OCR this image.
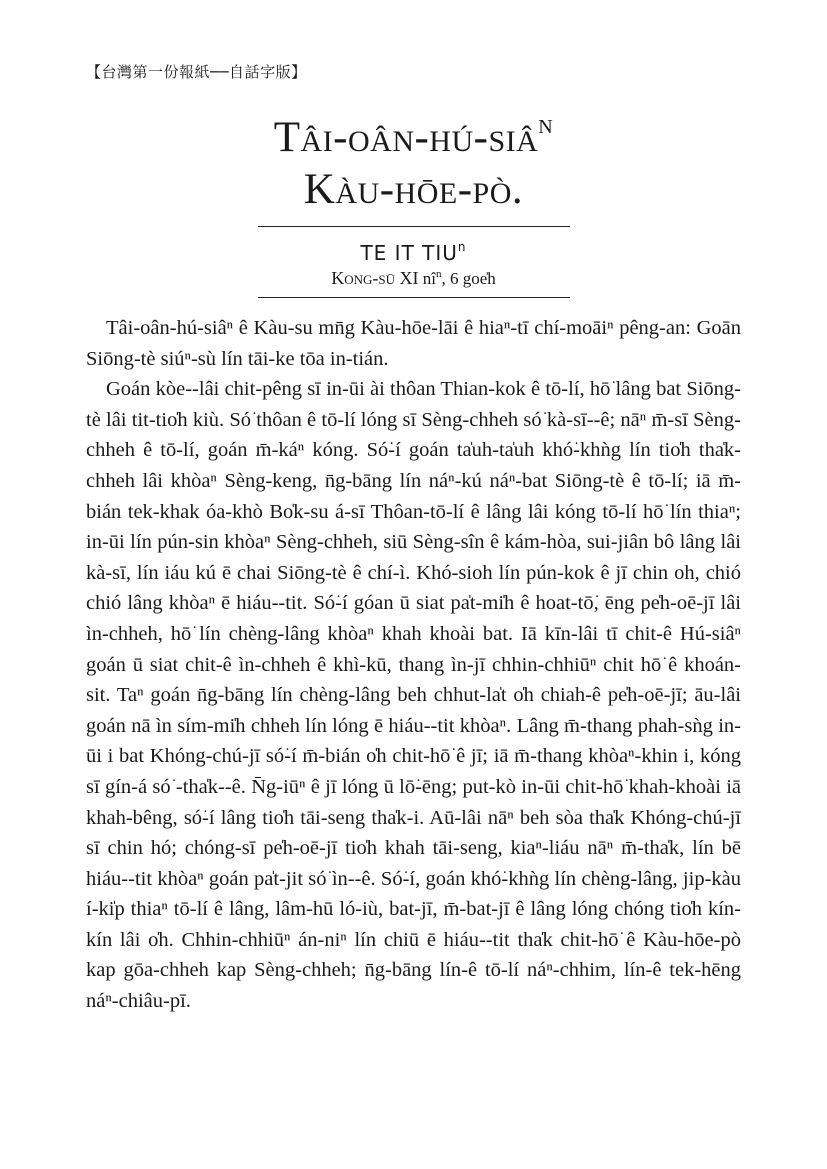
【台灣第一份報紙──自話字版】
Tâi-oân-hú-siâ$^N$
Kàu-hōe-pò.
TE IT TIU$^n$
Kong-sū XI $nî^n$, 6 goe̍h

Tâi-oân-hú-siâⁿ ê Kàu-su mn̄g Kàu-hōe-lāi ê hiaⁿ-tī chí-moāiⁿ pêng-an: Goān Siōng-tè siúⁿ-sù lín tāi-ke tōa in-tián.

Goán kòe--lâi chit-pêng sī in-ūi ài thôan Thian-kok ê tō-lí, hō͘ lâng bat Siōng-tè lâi tit-tio̍h kiù. Só͘ thôan ê tō-lí lóng sī Sèng-chheh só͘ kà-sī--ê; nāⁿ m̄-sī Sèng-chheh ê tō-lí, goán m̄-káⁿ kóng. Só͘-í goán ta̍uh-ta̍uh khó͘-khǹg lín tio̍h tha̍k-chheh lâi khòaⁿ Sèng-keng, n̄g-bāng lín náⁿ-kú náⁿ-bat Siōng-tè ê tō-lí; iā m̄-bián tek-khak óa-khò Bo̍k-su á-sī Thôan-tō-lí ê lâng lâi kóng tō-lí hō͘ lín thiaⁿ; in-ūi lín pún-sin khòaⁿ Sèng-chheh, siū Sèng-sîn ê kám-hòa, sui-jiân bô lâng lâi kà-sī, lín iáu kú ē chai Siōng-tè ê chí-ì. Khó-sioh lín pún-kok ê jī chin oh, chió chió lâng khòaⁿ ē hiáu--tit. Só͘-í góan ū siat pa̍t-mi̍h ê hoat-tō͘, ēng pe̍h-oē-jī lâi ìn-chheh, hō͘ lín chèng-lâng khòaⁿ khah khoài bat. Iā kīn-lâi tī chit-ê Hú-siâⁿ goán ū siat chit-ê ìn-chheh ê khì-kū, thang ìn-jī chhin-chhiūⁿ chit hō͘ ê khoán-sit. Taⁿ goán n̄g-bāng lín chèng-lâng beh chhut-la̍t o̍h chiah-ê pe̍h-oē-jī; āu-lâi goán nā ìn sím-mi̍h chheh lín lóng ē hiáu--tit khòaⁿ. Lâng m̄-thang phah-sǹg in-ūi i bat Khóng-chú-jī só͘-í m̄-bián o̍h chit-hō͘ ê jī; iā m̄-thang khòaⁿ-khin i, kóng sī gín-á só͘ -tha̍k--ê. N̄g-iūⁿ ê jī lóng ū lō͘-ēng; put-kò in-ūi chit-hō͘ khah-khoài iā khah-bêng, só͘-í lâng tio̍h tāi-seng tha̍k-i. Aū-lâi nāⁿ beh sòa tha̍k Khóng-chú-jī sī chin hó; chóng-sī pe̍h-oē-jī tio̍h khah tāi-seng, kiaⁿ-liáu nāⁿ m̄-tha̍k, lín bē hiáu--tit khòaⁿ goán pa̍t-jit só͘ ìn--ê. Só͘-í, goán khó͘-khǹg lín chèng-lâng, jip-kàu í-ki̍p thiaⁿ tō-lí ê lâng, lâm-hū ló-iù, bat-jī, m̄-bat-jī ê lâng lóng chóng tio̍h kín-kín lâi o̍h. Chhin-chhiūⁿ án-niⁿ lín chiū ē hiáu--tit tha̍k chit-hō͘ ê Kàu-hōe-pò kap gōa-chheh kap Sèng-chheh; n̄g-bāng lín-ê tō-lí náⁿ-chhim, lín-ê tek-hēng náⁿ-chiâu-pī.
